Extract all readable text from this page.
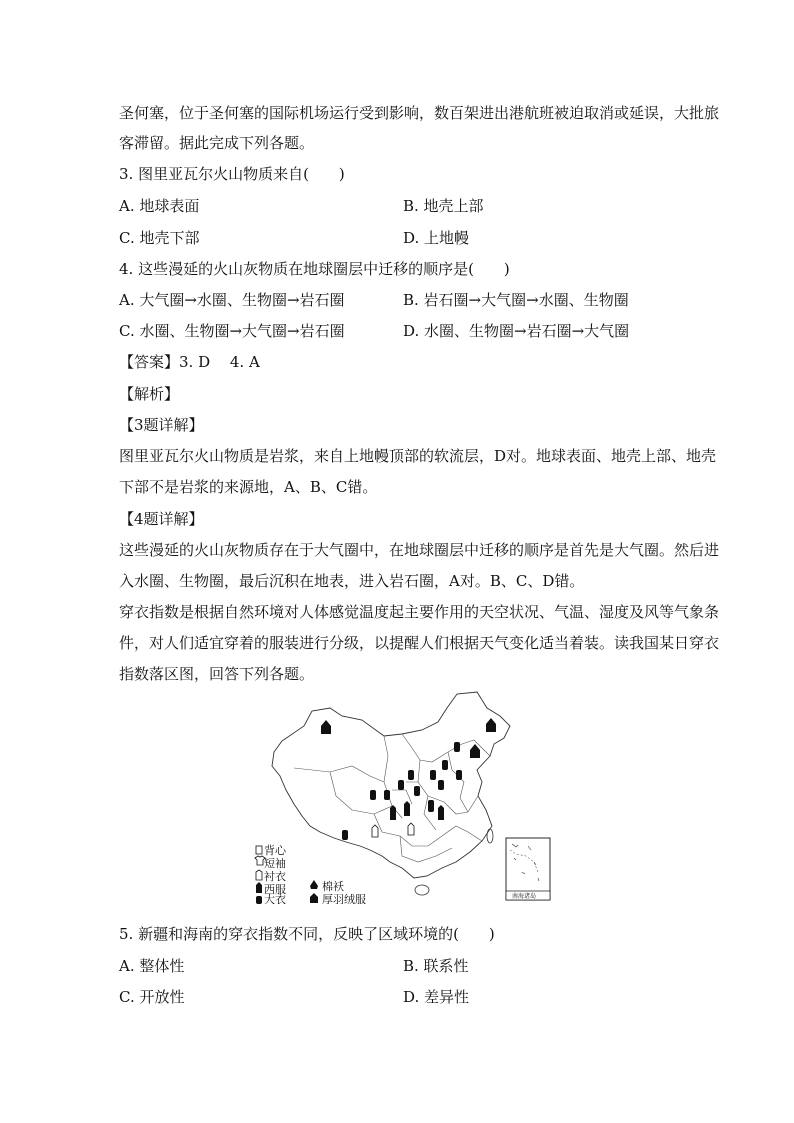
圣何塞，位于圣何塞的国际机场运行受到影响，数百架进出港航班被迫取消或延误，大批旅
客滞留。据此完成下列各题。
3. 图里亚瓦尔火山物质来自(　　)
A. 地球表面	B. 地壳上部
C. 地壳下部	D. 上地幔
4. 这些漫延的火山灰物质在地球圈层中迁移的顺序是(　　)
A. 大气圈→水圈、生物圈→岩石圈	B. 岩石圈→大气圈→水圈、生物圈
C. 水圈、生物圈→大气圈→岩石圈	D. 水圈、生物圈→岩石圈→大气圈
【答案】3. D　 4. A
【解析】
【3题详解】
图里亚瓦尔火山物质是岩浆，来自上地幔顶部的软流层，D对。地球表面、地壳上部、地壳
下部不是岩浆的来源地，A、B、C错。
【4题详解】
这些漫延的火山灰物质存在于大气圈中，在地球圈层中迁移的顺序是首先是大气圈。然后进
入水圈、生物圈，最后沉积在地表，进入岩石圈，A对。B、C、D错。
穿衣指数是根据自然环境对人体感觉温度起主要作用的天空状况、气温、湿度及风等气象条
件，对人们适宜穿着的服装进行分级，以提醒人们根据天气变化适当着装。读我国某日穿衣
指数落区图，回答下列各题。
背心
短袖
衬衣
西服
大衣
棉袄
厚羽绒服	南海诸岛
5. 新疆和海南的穿衣指数不同，反映了区域环境的(　　)
A. 整体性	B. 联系性
C. 开放性	D. 差异性
